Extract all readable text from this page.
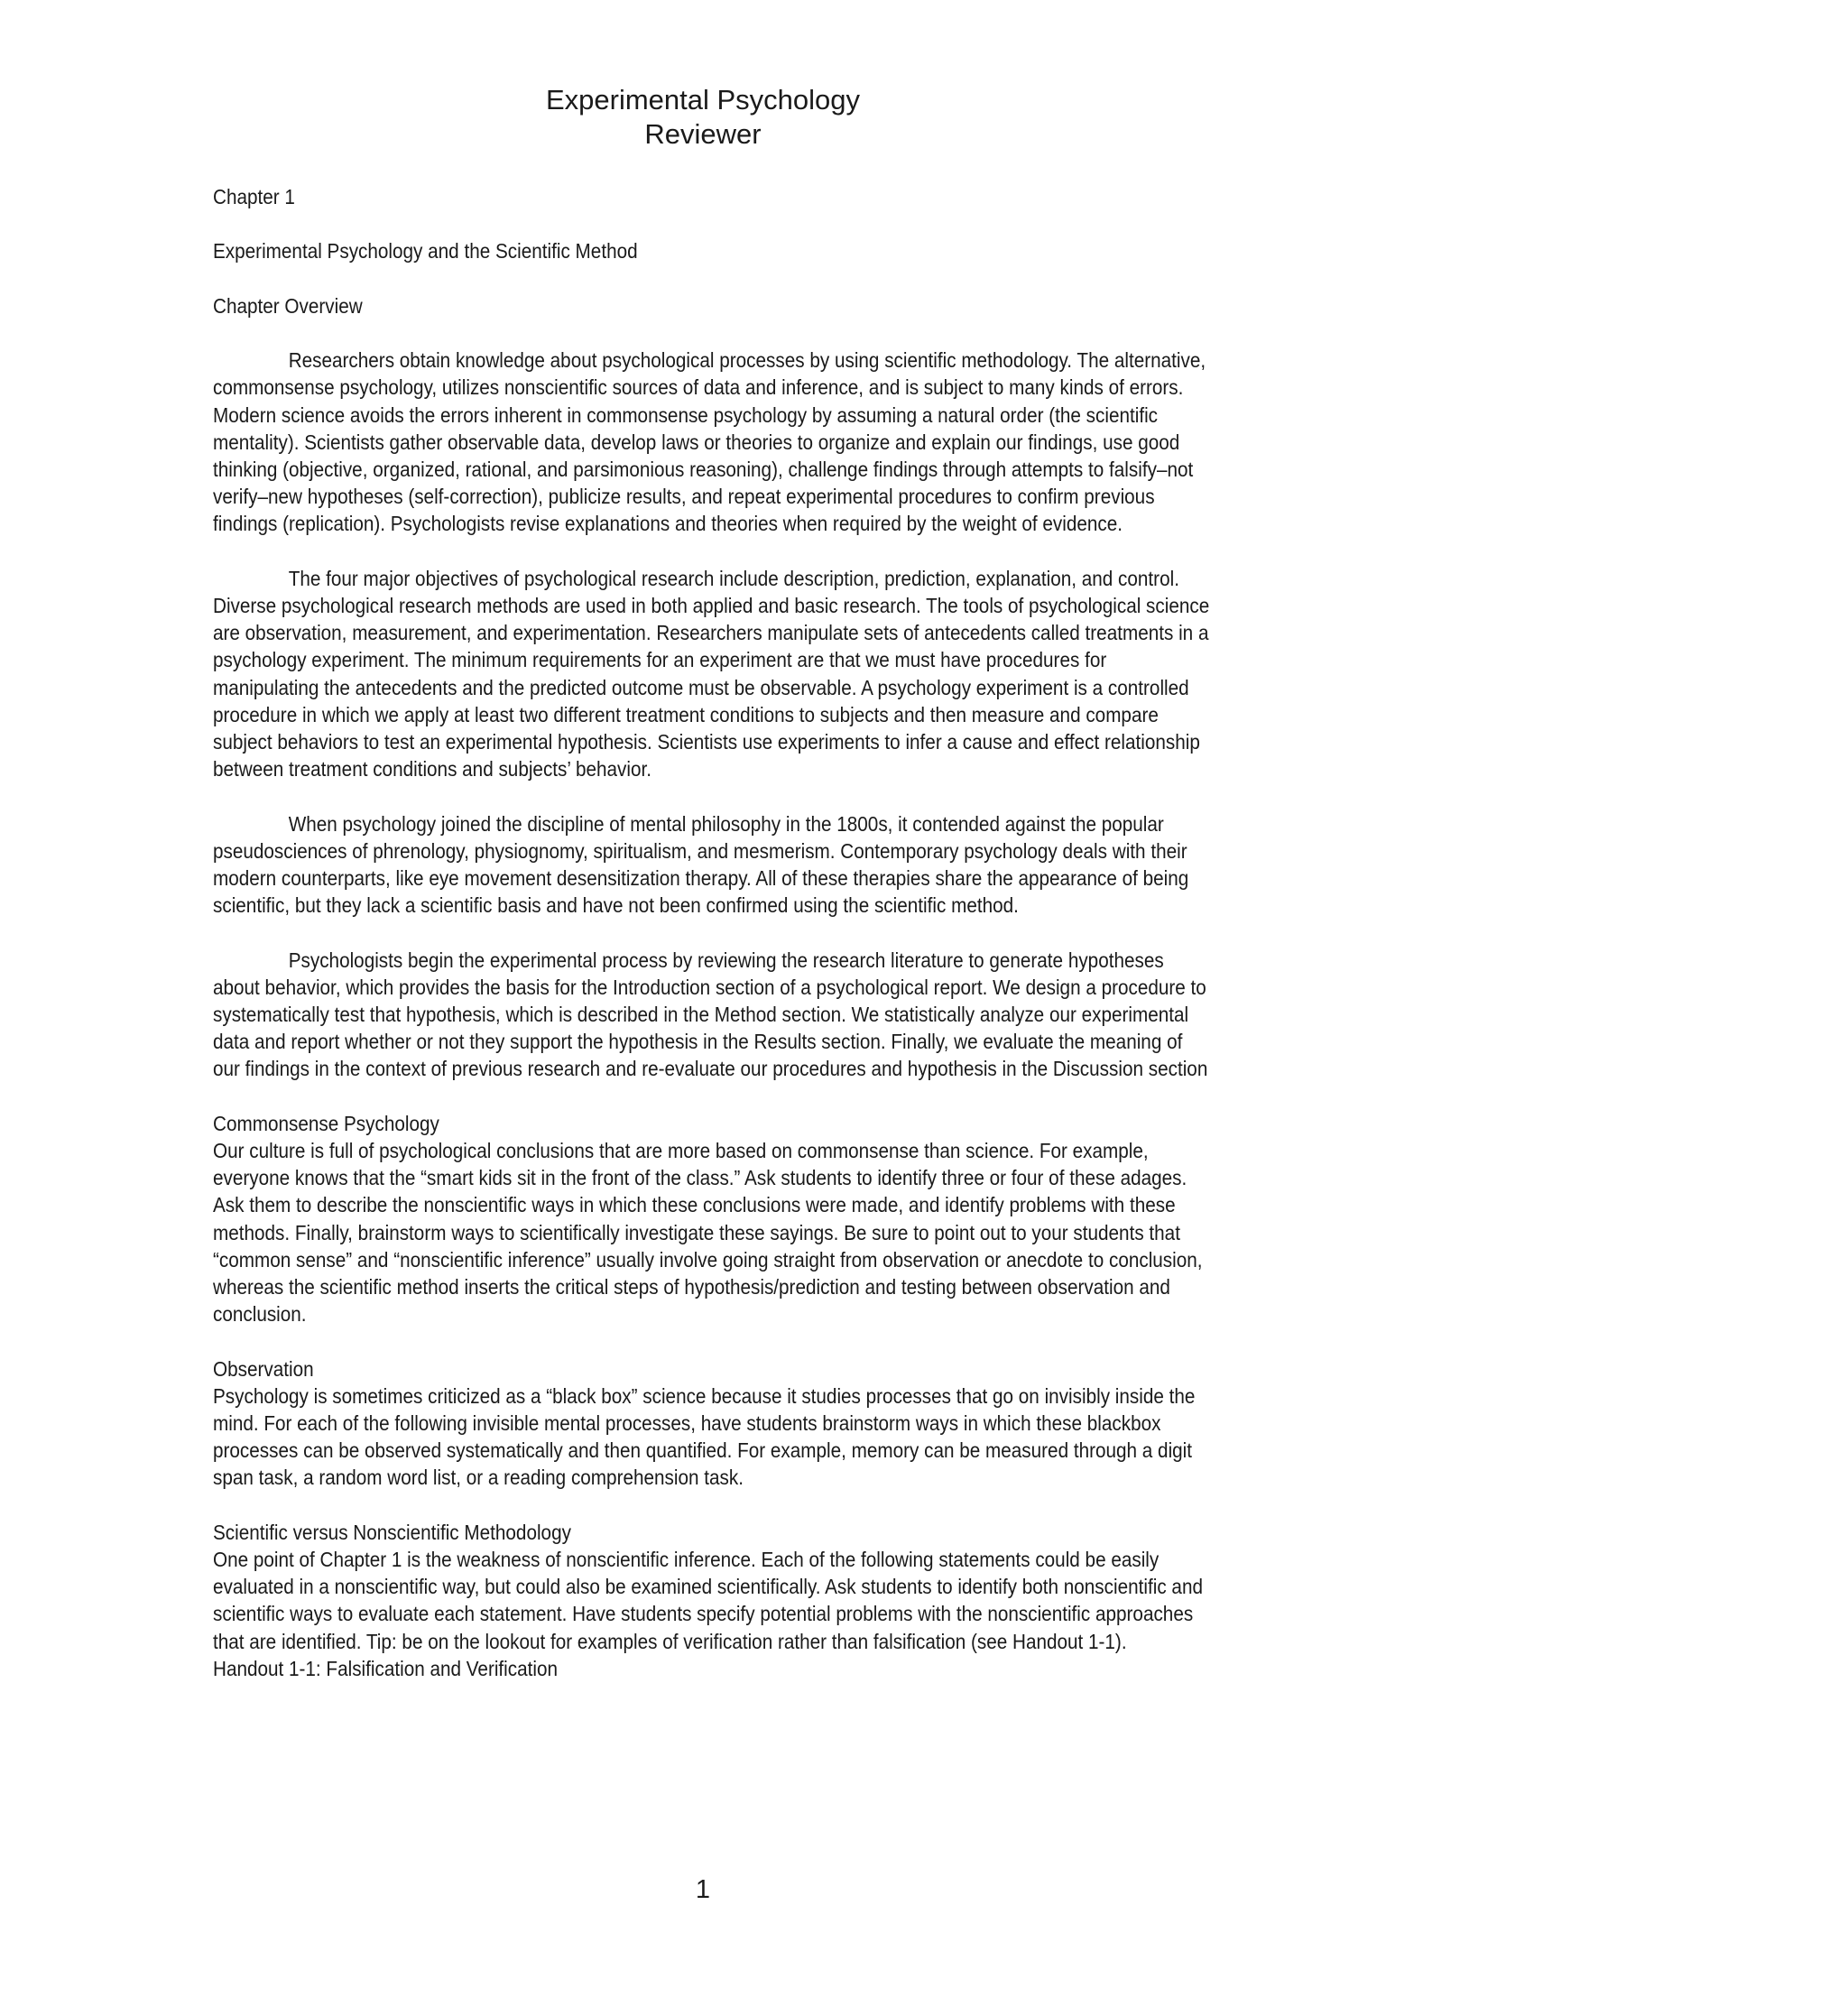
Experimental Psychology
Reviewer

Chapter 1

Experimental Psychology and the Scientific Method

Chapter Overview

Researchers obtain knowledge about psychological processes by using scientific methodology. The alternative, commonsense psychology, utilizes nonscientific sources of data and inference, and is subject to many kinds of errors. Modern science avoids the errors inherent in commonsense psychology by assuming a natural order (the scientific mentality). Scientists gather observable data, develop laws or theories to organize and explain our findings, use good thinking (objective, organized, rational, and parsimonious reasoning), challenge findings through attempts to falsify–not verify–new hypotheses (self-correction), publicize results, and repeat experimental procedures to confirm previous findings (replication). Psychologists revise explanations and theories when required by the weight of evidence.

The four major objectives of psychological research include description, prediction, explanation, and control. Diverse psychological research methods are used in both applied and basic research. The tools of psychological science are observation, measurement, and experimentation. Researchers manipulate sets of antecedents called treatments in a psychology experiment. The minimum requirements for an experiment are that we must have procedures for manipulating the antecedents and the predicted outcome must be observable. A psychology experiment is a controlled procedure in which we apply at least two different treatment conditions to subjects and then measure and compare subject behaviors to test an experimental hypothesis. Scientists use experiments to infer a cause and effect relationship between treatment conditions and subjects’ behavior.

When psychology joined the discipline of mental philosophy in the 1800s, it contended against the popular pseudosciences of phrenology, physiognomy, spiritualism, and mesmerism. Contemporary psychology deals with their modern counterparts, like eye movement desensitization therapy. All of these therapies share the appearance of being scientific, but they lack a scientific basis and have not been confirmed using the scientific method.

Psychologists begin the experimental process by reviewing the research literature to generate hypotheses about behavior, which provides the basis for the Introduction section of a psychological report. We design a procedure to systematically test that hypothesis, which is described in the Method section. We statistically analyze our experimental data and report whether or not they support the hypothesis in the Results section. Finally, we evaluate the meaning of our findings in the context of previous research and re-evaluate our procedures and hypothesis in the Discussion section

Commonsense Psychology

Our culture is full of psychological conclusions that are more based on commonsense than science. For example, everyone knows that the “smart kids sit in the front of the class.” Ask students to identify three or four of these adages. Ask them to describe the nonscientific ways in which these conclusions were made, and identify problems with these methods. Finally, brainstorm ways to scientifically investigate these sayings. Be sure to point out to your students that “common sense” and “nonscientific inference” usually involve going straight from observation or anecdote to conclusion, whereas the scientific method inserts the critical steps of hypothesis/prediction and testing between observation and conclusion.

Observation

Psychology is sometimes criticized as a “black box” science because it studies processes that go on invisibly inside the mind. For each of the following invisible mental processes, have students brainstorm ways in which these blackbox processes can be observed systematically and then quantified. For example, memory can be measured through a digit span task, a random word list, or a reading comprehension task.

Scientific versus Nonscientific Methodology

One point of Chapter 1 is the weakness of nonscientific inference. Each of the following statements could be easily evaluated in a nonscientific way, but could also be examined scientifically. Ask students to identify both nonscientific and scientific ways to evaluate each statement. Have students specify potential problems with the nonscientific approaches that are identified. Tip: be on the lookout for examples of verification rather than falsification (see Handout 1-1).

Handout 1-1: Falsification and Verification

1
